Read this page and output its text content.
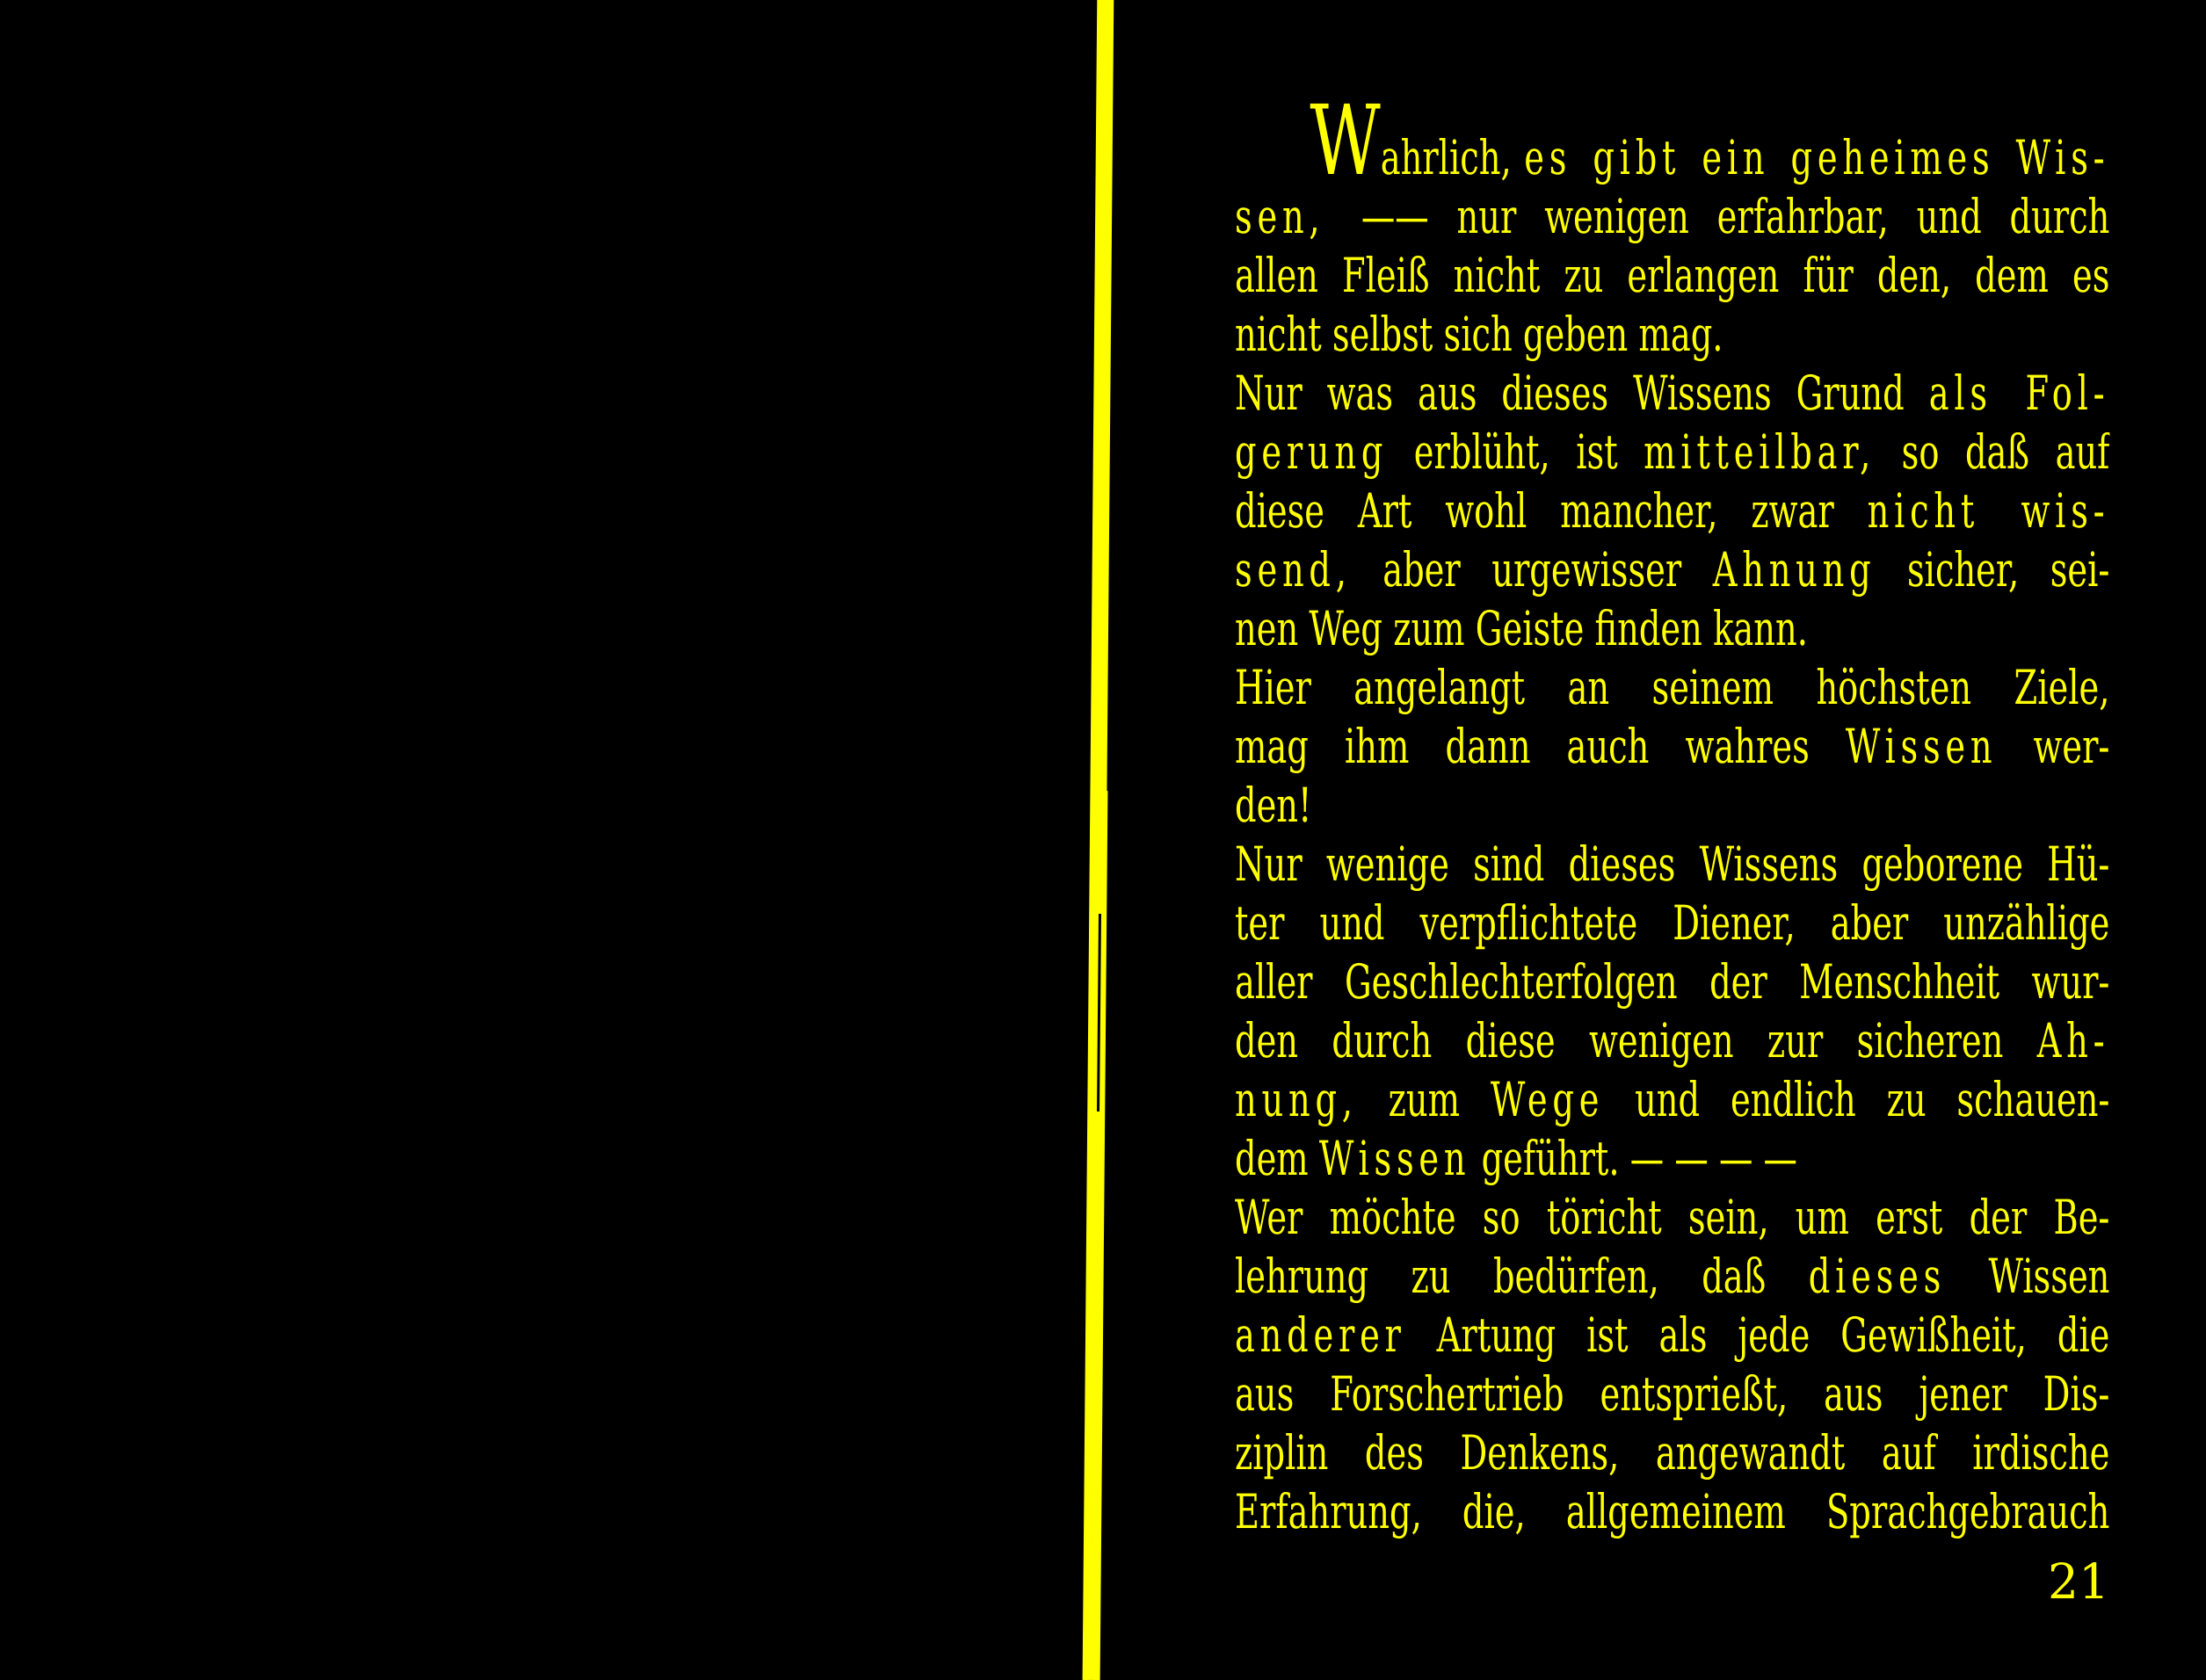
Wahrlich, es gibt ein geheimes Wis-
sen, —— nur wenigen erfahrbar, und durch
allen Fleiß nicht zu erlangen für den, dem es
nicht selbst sich geben mag.
Nur was aus dieses Wissens Grund als Fol-
gerung erblüht, ist mitteilbar, so daß auf
diese Art wohl mancher, zwar nicht wis-
send, aber urgewisser Ahnung sicher, sei-
nen Weg zum Geiste finden kann.
Hier angelangt an seinem höchsten Ziele,
mag ihm dann auch wahres Wissen wer-
den!
Nur wenige sind dieses Wissens geborene Hü-
ter und verpflichtete Diener, aber unzählige
aller Geschlechterfolgen der Menschheit wur-
den durch diese wenigen zur sicheren Ah-
nung, zum Wege und endlich zu schauen-
dem Wissen geführt. — — — —
Wer möchte so töricht sein, um erst der Be-
lehrung zu bedürfen, daß dieses Wissen
anderer Artung ist als jede Gewißheit, die
aus Forschertrieb entsprießt, aus jener Dis-
ziplin des Denkens, angewandt auf irdische
Erfahrung, die, allgemeinem Sprachgebrauch
21
